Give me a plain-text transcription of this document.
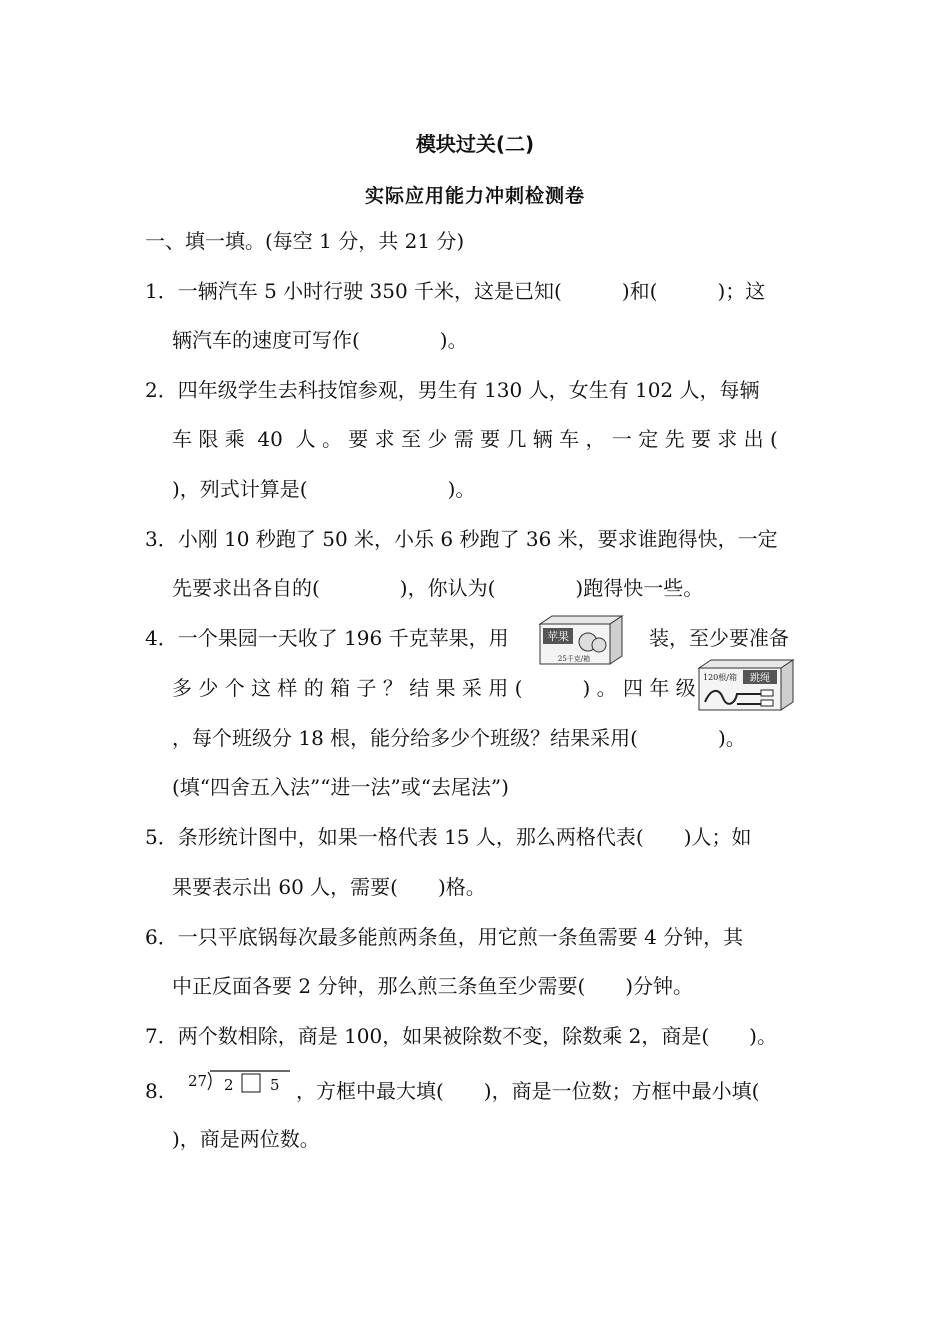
模块过关(二)
实际应用能力冲刺检测卷
一、填一填。(每空 1 分，共 21 分)
1．一辆汽车 5 小时行驶 350 千米，这是已知(　　　)和(　　　)；这
辆汽车的速度可写作(　　　　)。
2．四年级学生去科技馆参观，男生有 130 人，女生有 102 人，每辆
车 限 乘  40  人 。 要 求 至 少 需 要 几 辆 车 ， 一 定 先 要 求 出 (
)，列式计算是(　　　　　　　)。
3．小刚 10 秒跑了 50 米，小乐 6 秒跑了 36 米，要求谁跑得快，一定
先要求出各自的(　　　　)，你认为(　　　　)跑得快一些。
4．一个果园一天收了 196 千克苹果，用	苹果
25千克/箱
装，至少要准备
多 少 个 这 样 的 箱 子 ？ 结 果 采 用 (　　　) 。 四 年 级 120根/箱 跳绳
，每个班级分 18 根，能分给多少个班级？结果采用(　　　　)。
(填“四舍五入法”“进一法”或“去尾法”)
5．条形统计图中，如果一格代表 15 人，那么两格代表(　　)人；如
果要表示出 60 人，需要(　　)格。
6．一只平底锅每次最多能煎两条鱼，用它煎一条鱼需要 4 分钟，其
中正反面各要 2 分钟，那么煎三条鱼至少需要(　　)分钟。
7．两个数相除，商是 100，如果被除数不变，除数乘 2，商是(　　)。
8. 27 2 5 ，方框中最大填(　　)，商是一位数；方框中最小填(
)，商是两位数。
